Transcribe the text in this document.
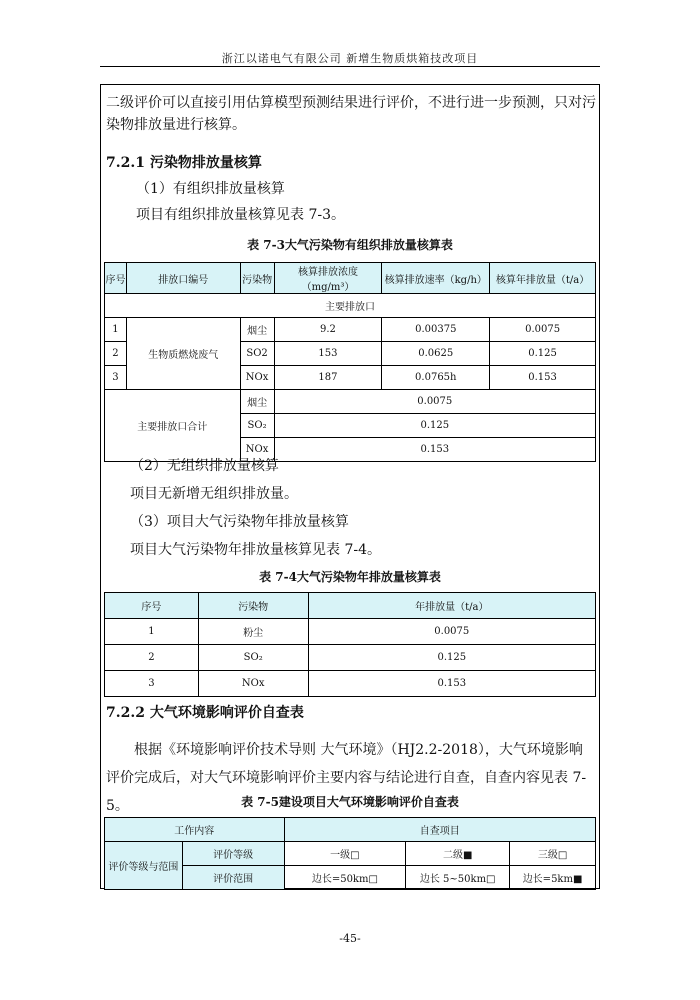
浙江以诺电气有限公司 新增生物质烘箱技改项目
二级评价可以直接引用估算模型预测结果进行评价，不进行进一步预测，只对污染物排放量进行核算。
7.2.1 污染物排放量核算
（1）有组织排放量核算
项目有组织排放量核算见表 7-3。
表 7-3大气污染物有组织排放量核算表
序号	排放口编号	污染物	核算排放浓度（mg/m³）	核算排放速率（kg/h）	核算年排放量（t/a）
主要排放口					
1	生物质燃烧废气	烟尘	9.2	0.00375	0.0075
2		SO2	153	0.0625	0.125
3		NOx	187	0.0765h	0.153
主要排放口合计		烟尘	0.0075		
		SO₂	0.125		
		NOx	0.153		
（2）无组织排放量核算
项目无新增无组织排放量。
（3）项目大气污染物年排放量核算
项目大气污染物年排放量核算见表 7-4。
表 7-4大气污染物年排放量核算表
序号	污染物	年排放量（t/a）
1	粉尘	0.0075
2	SO₂	0.125
3	NOx	0.153
7.2.2 大气环境影响评价自查表
根据《环境影响评价技术导则 大气环境》（HJ2.2-2018），大气环境影响评价完成后，对大气环境影响评价主要内容与结论进行自查，自查内容见表 7-5。	表 7-5建设项目大气环境影响评价自查表
工作内容		自查项目		
评价等级与范围	评价等级	一级□	二级■	三级□
	评价范围	边长=50km□	边长 5~50km□	边长=5km■
-45-
